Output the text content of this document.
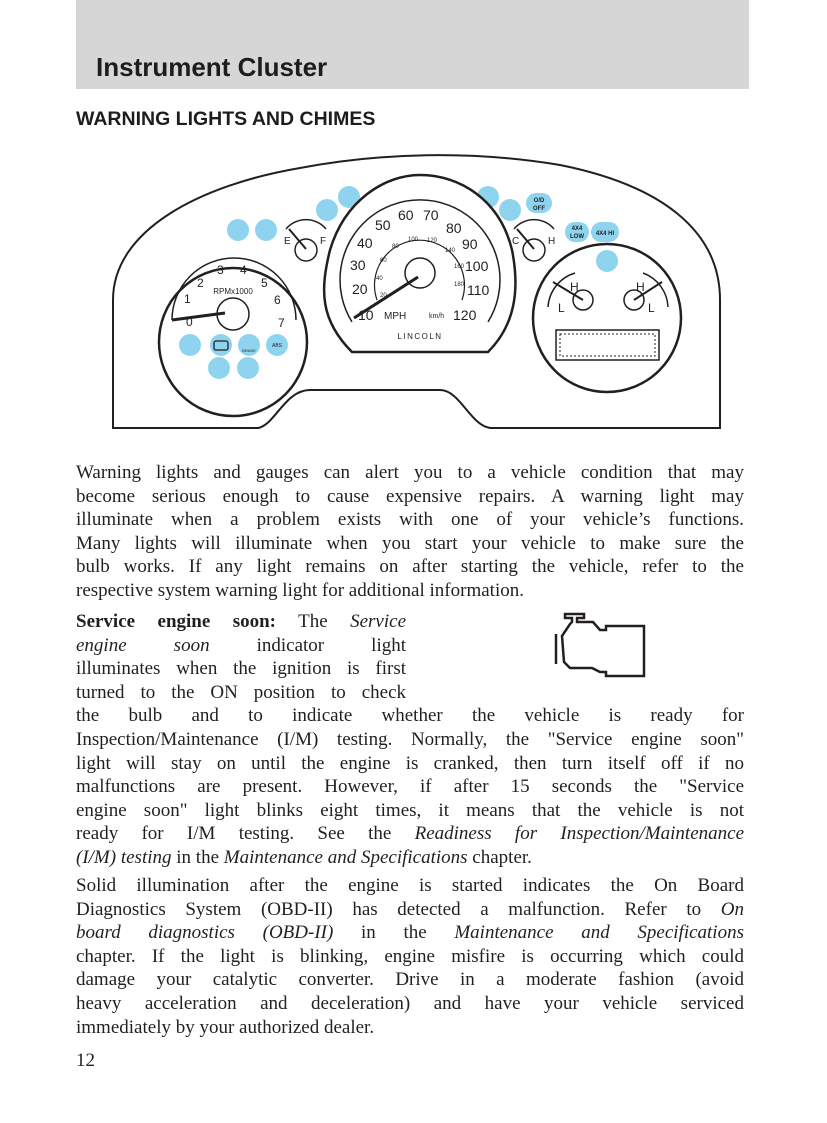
Instrument Cluster
WARNING LIGHTS AND CHIMES
RPMx1000
0
1
2
3 4
5
6
7
BRAKE
ABS
E	F	C	H
O/D
OFF
4X4
LOW 4X4 HI
10
20
30
40
50
60 70
80
90
100
110
120
20
40
60
80
100 120
140
160
180
MPH	km/h
LINCOLN
H
L
H
L
Warning lights and gauges can alert you to a vehicle condition that may
become serious enough to cause expensive repairs. A warning light may
illuminate when a problem exists with one of your vehicle’s functions.
Many lights will illuminate when you start your vehicle to make sure the
bulb works. If any light remains on after starting the vehicle, refer to the
respective system warning light for additional information.
Service engine soon: The Service
engine soon indicator light
illuminates when the ignition is first
turned to the ON position to check
the bulb and to indicate whether the vehicle is ready for
Inspection/Maintenance (I/M) testing. Normally, the "Service engine soon"
light will stay on until the engine is cranked, then turn itself off if no
malfunctions are present. However, if after 15 seconds the "Service
engine soon" light blinks eight times, it means that the vehicle is not
ready for I/M testing. See the Readiness for Inspection/Maintenance
(I/M) testing in the Maintenance and Specifications chapter.
Solid illumination after the engine is started indicates the On Board
Diagnostics System (OBD-II) has detected a malfunction. Refer to On
board diagnostics (OBD-II) in the Maintenance and Specifications
chapter. If the light is blinking, engine misfire is occurring which could
damage your catalytic converter. Drive in a moderate fashion (avoid
heavy acceleration and deceleration) and have your vehicle serviced
immediately by your authorized dealer.
12
